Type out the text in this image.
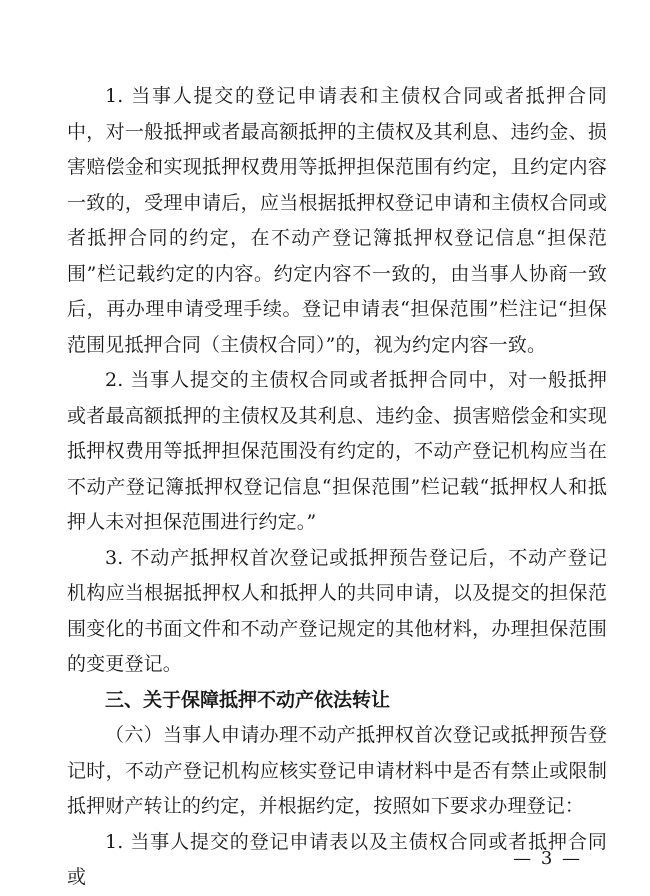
1. 当事人提交的登记申请表和主债权合同或者抵押合同中，对一般抵押或者最高额抵押的主债权及其利息、违约金、损害赔偿金和实现抵押权费用等抵押担保范围有约定，且约定内容一致的，受理申请后，应当根据抵押权登记申请和主债权合同或者抵押合同的约定，在不动产登记簿抵押权登记信息“担保范围”栏记载约定的内容。约定内容不一致的，由当事人协商一致后，再办理申请受理手续。登记申请表“担保范围”栏注记“担保范围见抵押合同（主债权合同）”的，视为约定内容一致。

2. 当事人提交的主债权合同或者抵押合同中，对一般抵押或者最高额抵押的主债权及其利息、违约金、损害赔偿金和实现抵押权费用等抵押担保范围没有约定的，不动产登记机构应当在不动产登记簿抵押权登记信息“担保范围”栏记载“抵押权人和抵押人未对担保范围进行约定。”

3. 不动产抵押权首次登记或抵押预告登记后，不动产登记机构应当根据抵押权人和抵押人的共同申请，以及提交的担保范围变化的书面文件和不动产登记规定的其他材料，办理担保范围的变更登记。

三、关于保障抵押不动产依法转让

（六）当事人申请办理不动产抵押权首次登记或抵押预告登记时，不动产登记机构应核实登记申请材料中是否有禁止或限制抵押财产转让的约定，并根据约定，按照如下要求办理登记：

1. 当事人提交的登记申请表以及主债权合同或者抵押合同或

— 3 —
